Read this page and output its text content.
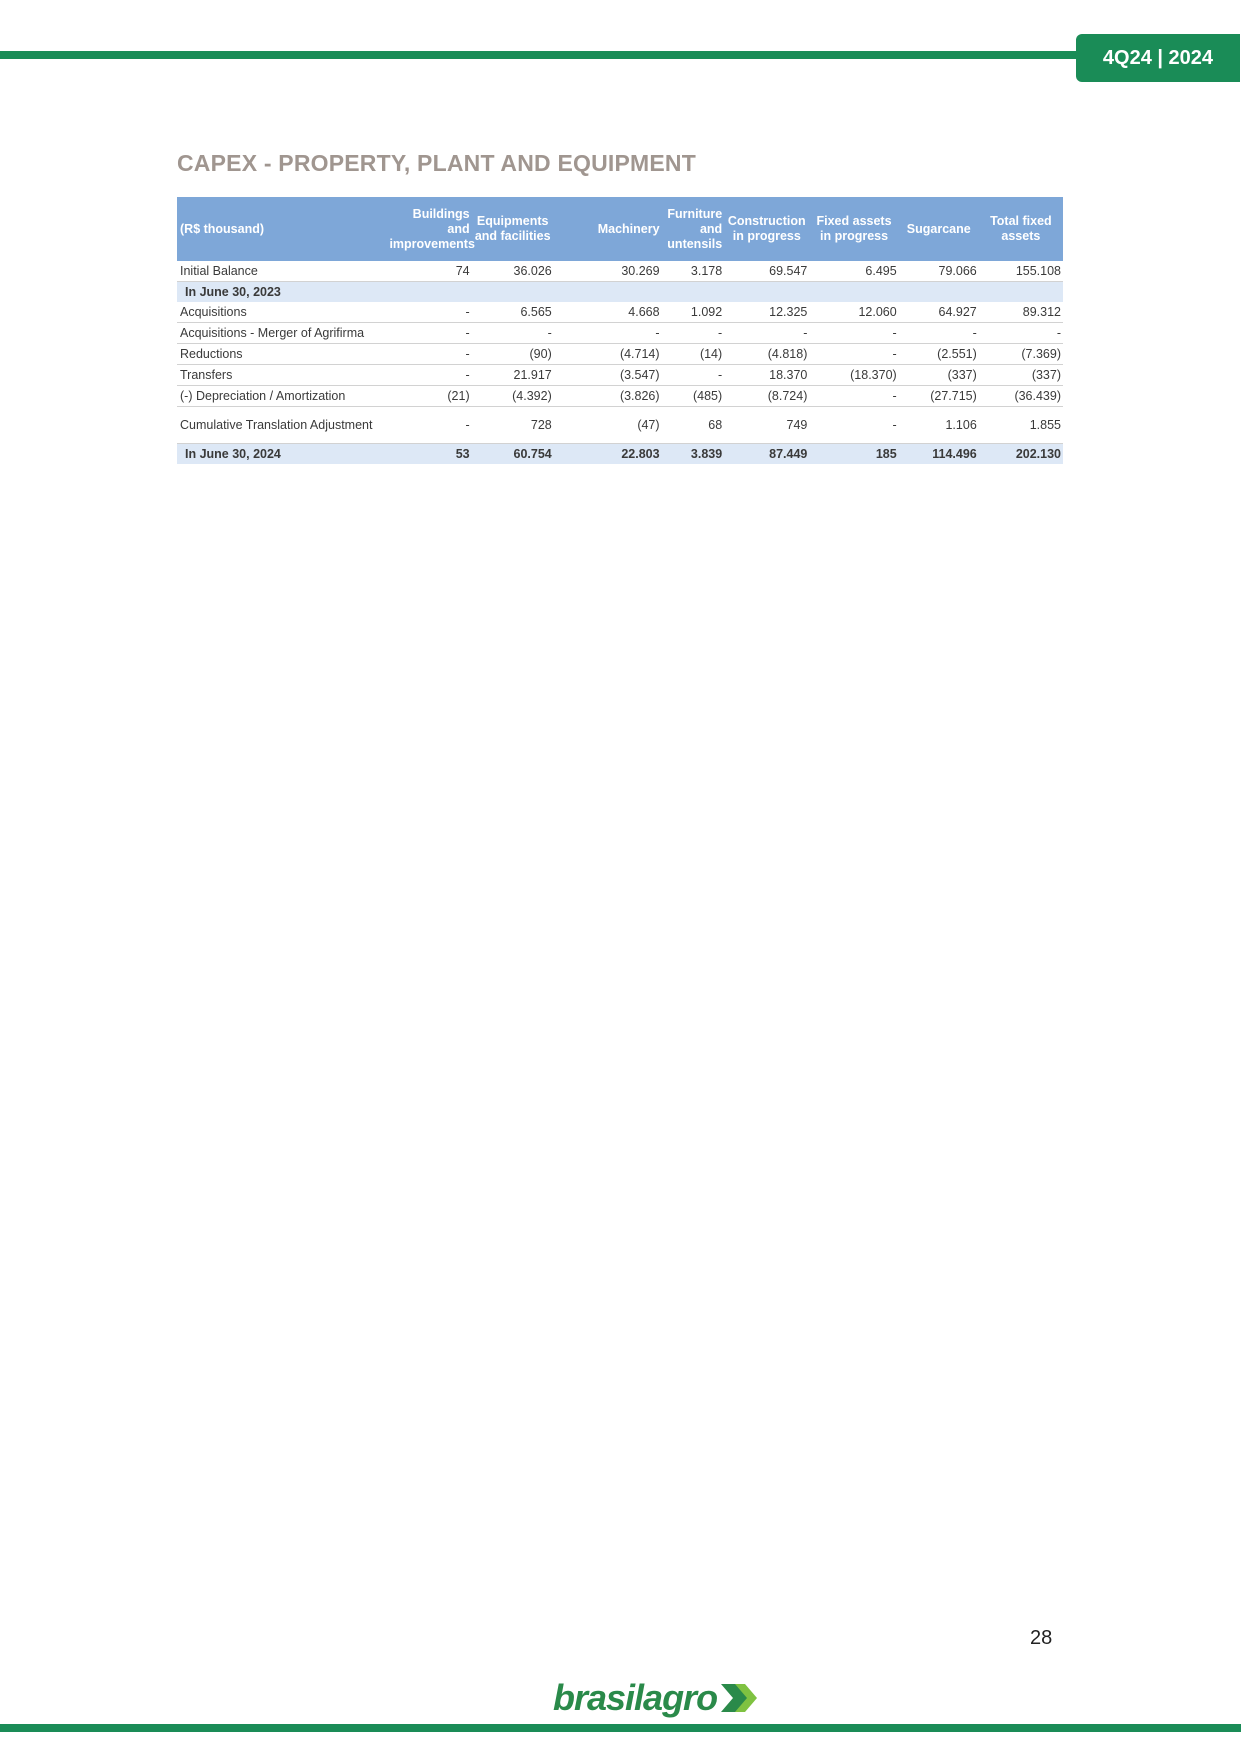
4Q24 | 2024
CAPEX - PROPERTY, PLANT AND EQUIPMENT
(R$ thousand)	Buildings and improvements	Equipments and facilities	Machinery	Furniture and untensils	Construction in progress	Fixed assets in progress	Sugarcane	Total fixed assets
Initial Balance	74	36.026	30.269	3.178	69.547	6.495	79.066	155.108
In June 30, 2023								
Acquisitions	-	6.565	4.668	1.092	12.325	12.060	64.927	89.312
Acquisitions - Merger of Agrifirma	-	-	-	-	-	-	-	-
Reductions	-	(90)	(4.714)	(14)	(4.818)	-	(2.551)	(7.369)
Transfers	-	21.917	(3.547)	-	18.370	(18.370)	(337)	(337)
(-) Depreciation / Amortization	(21)	(4.392)	(3.826)	(485)	(8.724)	-	(27.715)	(36.439)
Cumulative Translation Adjustment	-	728	(47)	68	749	-	1.106	1.855
In June 30, 2024	53	60.754	22.803	3.839	87.449	185	114.496	202.130
28
brasilagro
